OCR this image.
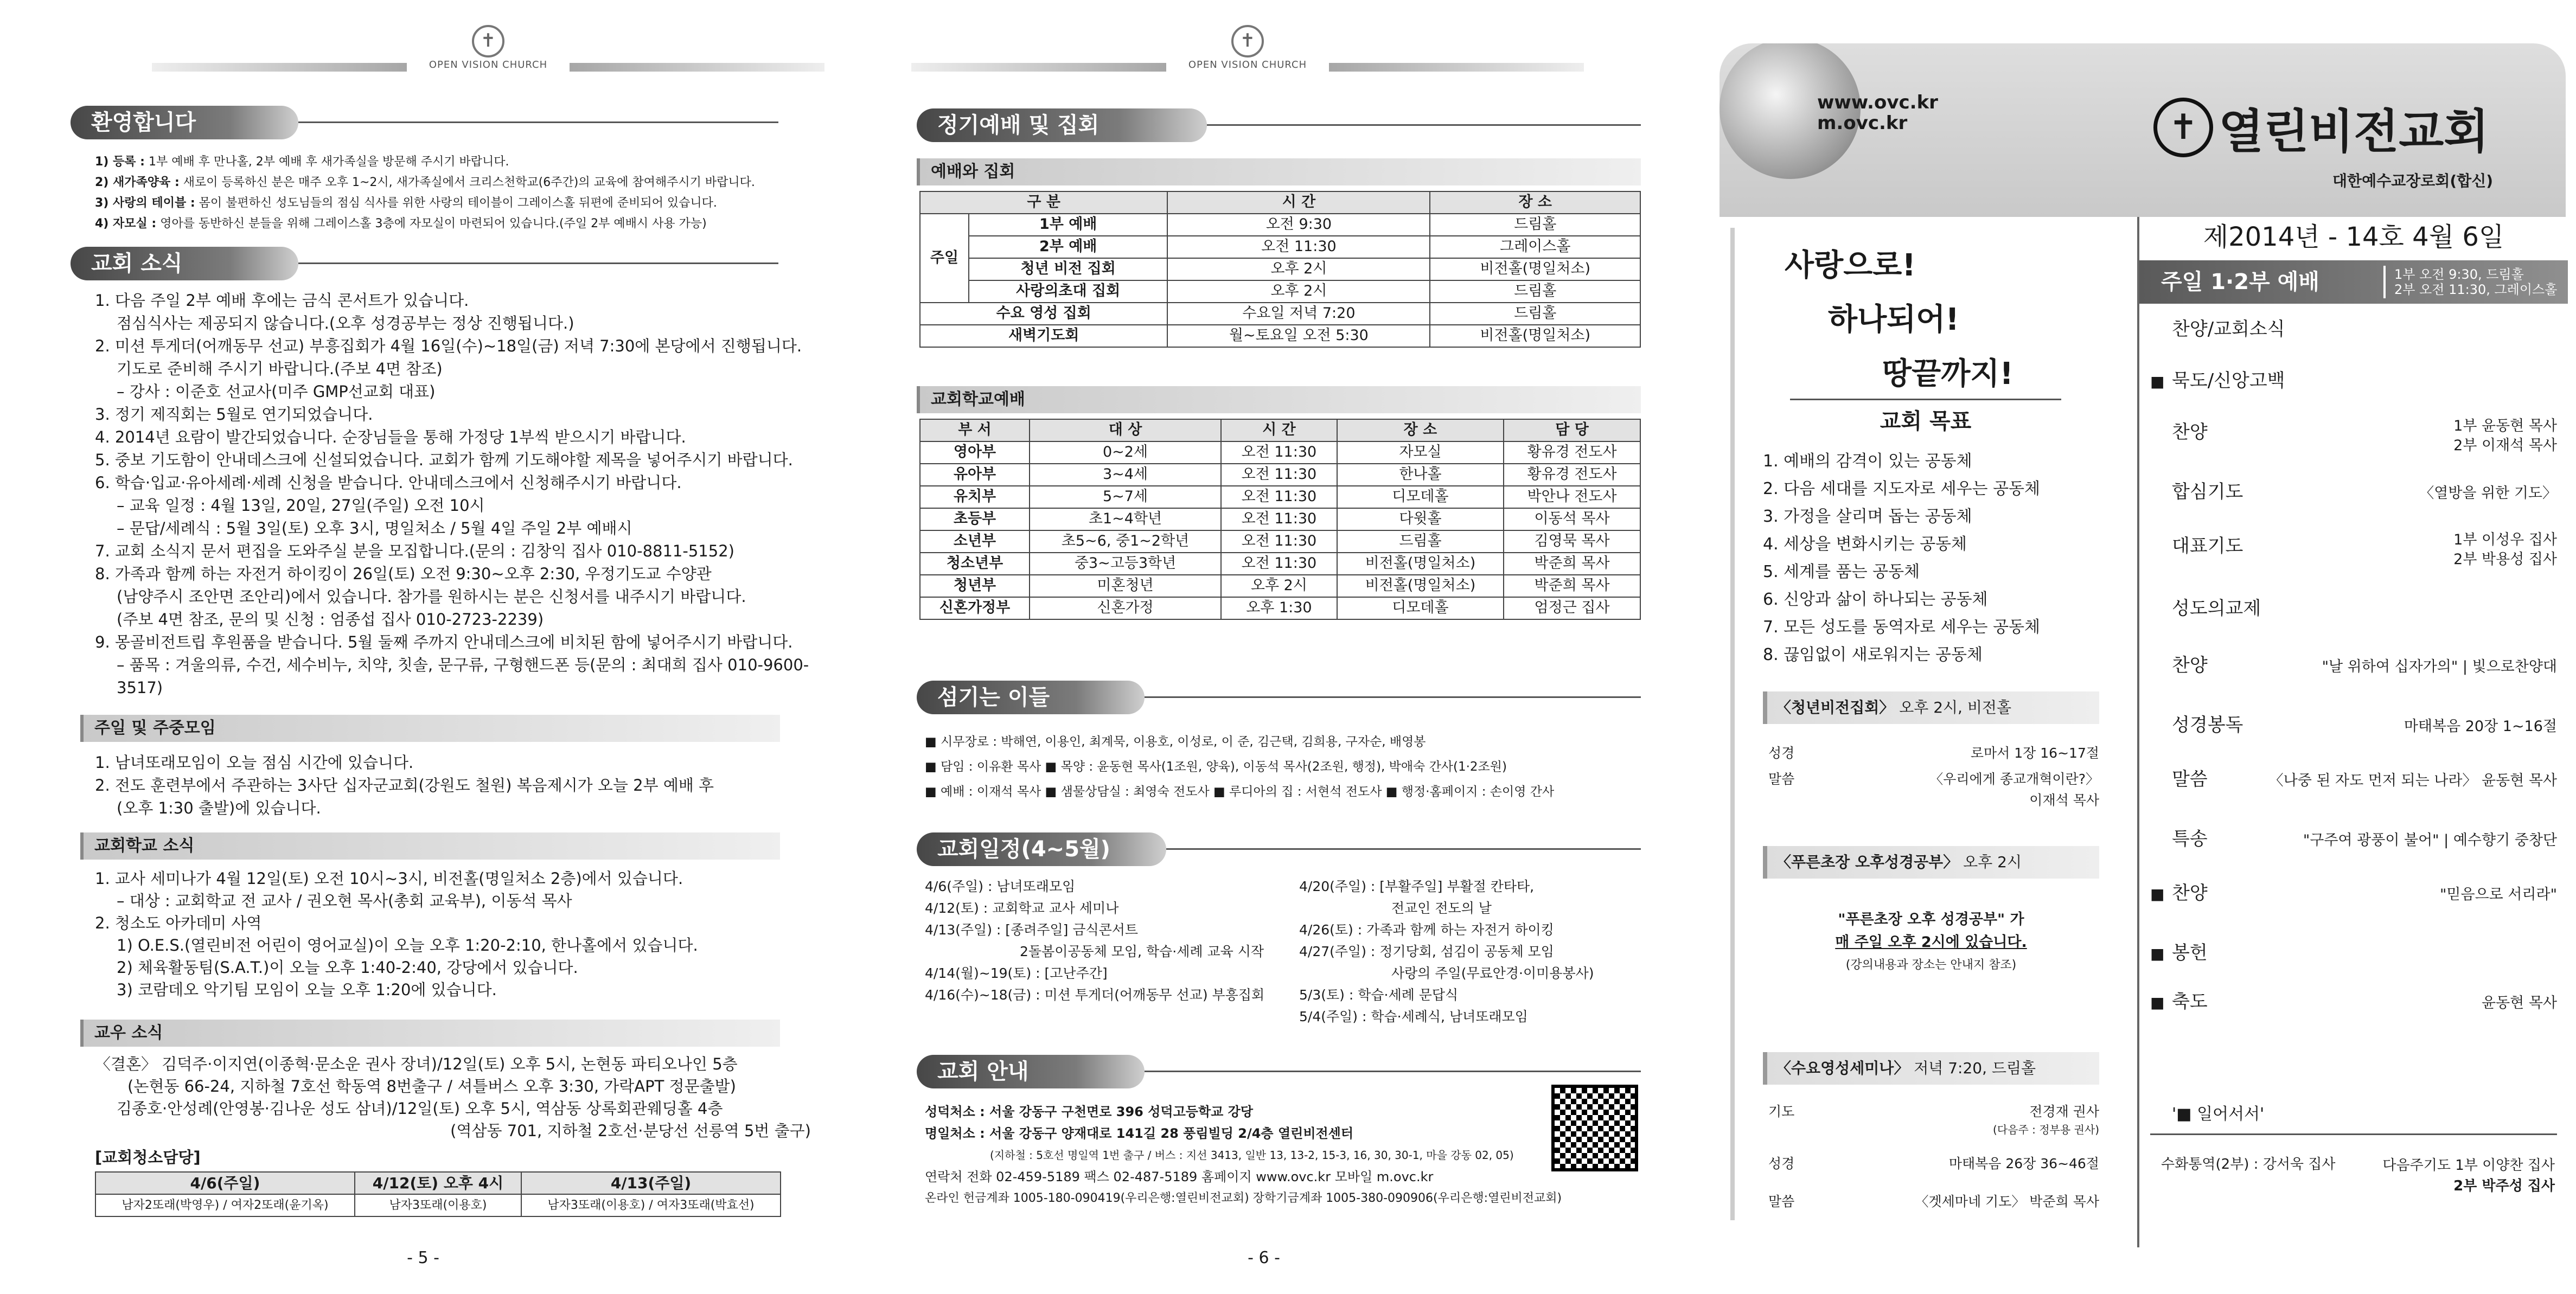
✝
OPEN VISION CHURCH
환영합니다

1) 등록 : 1부 예배 후 만나홀, 2부 예배 후 새가족실을 방문해 주시기 바랍니다.

2) 새가족양육 : 새로이 등록하신 분은 매주 오후 1~2시, 새가족실에서 크리스천학교(6주간)의 교육에 참여해주시기 바랍니다.

3) 사랑의 테이블 : 몸이 불편하신 성도님들의 점심 식사를 위한 사랑의 테이블이 그레이스홀 뒤편에 준비되어 있습니다.

4) 자모실 : 영아를 동반하신 분들을 위해 그레이스홀 3층에 자모실이 마련되어 있습니다.(주일 2부 예배시 사용 가능)

교회 소식

1. 다음 주일 2부 예배 후에는 금식 콘서트가 있습니다.

점심식사는 제공되지 않습니다.(오후 성경공부는 정상 진행됩니다.)

2. 미션 투게더(어깨동무 선교) 부흥집회가 4월 16일(수)~18일(금) 저녁 7:30에 본당에서 진행됩니다.

기도로 준비해 주시기 바랍니다.(주보 4면 참조)

– 강사 : 이준호 선교사(미주 GMP선교회 대표)

3. 정기 제직회는 5월로 연기되었습니다.

4. 2014년 요람이 발간되었습니다. 순장님들을 통해 가정당 1부씩 받으시기 바랍니다.

5. 중보 기도함이 안내데스크에 신설되었습니다. 교회가 함께 기도해야할 제목을 넣어주시기 바랍니다.

6. 학습·입교·유아세례·세례 신청을 받습니다. 안내데스크에서 신청해주시기 바랍니다.

– 교육 일정 : 4월 13일, 20일, 27일(주일) 오전 10시

– 문답/세례식 : 5월 3일(토) 오후 3시, 명일처소 / 5월 4일 주일 2부 예배시

7. 교회 소식지 문서 편집을 도와주실 분을 모집합니다.(문의 : 김창익 집사 010-8811-5152)

8. 가족과 함께 하는 자전거 하이킹이 26일(토) 오전 9:30~오후 2:30, 우정기도교 수양관

(남양주시 조안면 조안리)에서 있습니다. 참가를 원하시는 분은 신청서를 내주시기 바랍니다.

(주보 4면 참조, 문의 및 신청 : 엄종섭 집사 010-2723-2239)

9. 몽골비전트립 후원품을 받습니다. 5월 둘째 주까지 안내데스크에 비치된 함에 넣어주시기 바랍니다.

– 품목 : 겨울의류, 수건, 세수비누, 치약, 칫솔, 문구류, 구형핸드폰 등(문의 : 최대희 집사 010-9600-3517)

주일 및 주중모임

1. 남녀또래모임이 오늘 점심 시간에 있습니다.

2. 전도 훈련부에서 주관하는 3사단 십자군교회(강원도 철원) 복음제시가 오늘 2부 예배 후

(오후 1:30 출발)에 있습니다.

교회학교 소식

1. 교사 세미나가 4월 12일(토) 오전 10시~3시, 비전홀(명일처소 2층)에서 있습니다.

– 대상 : 교회학교 전 교사 / 권오현 목사(총회 교육부), 이동석 목사

2. 청소도 아카데미 사역

1) O.E.S.(열린비전 어린이 영어교실)이 오늘 오후 1:20-2:10, 한나홀에서 있습니다.

2) 체육활동팀(S.A.T.)이 오늘 오후 1:40-2:40, 강당에서 있습니다.

3) 코람데오 악기팀 모임이 오늘 오후 1:20에 있습니다.

교우 소식

〈결혼〉 김덕주·이지연(이종혁·문소운 권사 장녀)/12일(토) 오후 5시, 논현동 파티오나인 5층

(논현동 66-24, 지하철 7호선 학동역 8번출구 / 셔틀버스 오후 3:30, 가락APT 정문출발)

김종호·안성례(안영봉·김나운 성도 삼녀)/12일(토) 오후 5시, 역삼동 상록회관웨딩홀 4층

(역삼동 701, 지하철 2호선·분당선 선릉역 5번 출구)

[교회청소담당]
4/6(주일)	4/12(토) 오후 4시	4/13(주일)
남자2또래(박영우) / 여자2또래(윤기옥)	남자3또래(이용호)	남자3또래(이용호) / 여자3또래(박효선)
- 5 -
✝
OPEN VISION CHURCH
정기예배 및 집회
예배와 집회
구 분		시 간	장 소
주일	1부 예배	오전 9:30	드림홀
	2부 예배	오전 11:30	그레이스홀
	청년 비전 집회	오후 2시	비전홀(명일처소)
	사랑의초대 집회	오후 2시	드림홀
수요 영성 집회		수요일 저녁 7:20	드림홀
새벽기도회		월~토요일 오전 5:30	비전홀(명일처소)
교회학교예배
부 서	대 상	시 간	장 소	담 당
영아부	0~2세	오전 11:30	자모실	황유경 전도사
유아부	3~4세	오전 11:30	한나홀	황유경 전도사
유치부	5~7세	오전 11:30	디모데홀	박안나 전도사
초등부	초1~4학년	오전 11:30	다윗홀	이동석 목사
소년부	초5~6, 중1~2학년	오전 11:30	드림홀	김영묵 목사
청소년부	중3~고등3학년	오전 11:30	비전홀(명일처소)	박준희 목사
청년부	미혼청년	오후 2시	비전홀(명일처소)	박준희 목사
신혼가정부	신혼가정	오후 1:30	디모데홀	엄정근 집사
섬기는 이들

■ 시무장로 : 박해연, 이용인, 최계묵, 이용호, 이성로, 이 준, 김근택, 김희용, 구자순, 배영봉

■ 담임 : 이유환 목사 ■ 목양 : 윤동현 목사(1조원, 양육), 이동석 목사(2조원, 행정), 박애숙 간사(1·2조원)

■ 예배 : 이재석 목사 ■ 샘물상담실 : 최영숙 전도사 ■ 루디아의 집 : 서현석 전도사 ■ 행정·홈페이지 : 손이영 간사

교회일정(4~5월)

4/6(주일) : 남녀또래모임

4/12(토) : 교회학교 교사 세미나

4/13(주일) : [종려주일] 금식콘서트

2돌봄이공동체 모임, 학습·세례 교육 시작

4/14(월)~19(토) : [고난주간]

4/16(수)~18(금) : 미션 투게더(어깨동무 선교) 부흥집회

4/20(주일) : [부활주일] 부활절 칸타타,

전교인 전도의 날

4/26(토) : 가족과 함께 하는 자전거 하이킹

4/27(주일) : 정기당회, 섬김이 공동체 모임

사랑의 주일(무료안경·이미용봉사)

5/3(토) : 학습·세례 문답식

5/4(주일) : 학습·세례식, 남녀또래모임

교회 안내

성덕처소 : 서울 강동구 구천면로 396 성덕고등학교 강당

명일처소 : 서울 강동구 양재대로 141길 28 풍림빌딩 2/4층 열린비전센터

(지하철 : 5호선 명일역 1번 출구 / 버스 : 지선 3413, 일반 13, 13-2, 15-3, 16, 30, 30-1, 마을 강동 02, 05)

연락처 전화 02-459-5189 팩스 02-487-5189 홈페이지 www.ovc.kr 모바일 m.ovc.kr

온라인 헌금계좌 1005-180-090419(우리은행:열린비전교회) 장학기금계좌 1005-380-090906(우리은행:열린비전교회)

- 6 -
www.ovc.kr
m.ovc.kr	✝ 열린비전교회
대한예수교장로회(합신)

사랑으로!

하나되어!

땅끝까지!

교회 목표

1. 예배의 감격이 있는 공동체

2. 다음 세대를 지도자로 세우는 공동체

3. 가정을 살리며 돕는 공동체

4. 세상을 변화시키는 공동체

5. 세계를 품는 공동체

6. 신앙과 삶이 하나되는 공동체

7. 모든 성도를 동역자로 세우는 공동체

8. 끊임없이 새로워지는 공동체

〈청년비전집회〉 오후 2시, 비전홀

성경	로마서 1장 16~17절

말씀	〈우리에게 종교개혁이란?〉

이재석 목사

〈푸른초장 오후성경공부〉 오후 2시

"푸른초장 오후 성경공부" 가

매 주일 오후 2시에 있습니다.

(강의내용과 장소는 안내지 참조)

〈수요영성세미나〉 저녁 7:20, 드림홀

기도	전경재 권사

(다음주 : 정부용 권사)

성경	마태복음 26장 36~46절

말씀	〈겟세마네 기도〉 박준희 목사

제2014년 - 14호 4월 6일
주일 1·2부 예배	1부 오전 9:30, 드림홀

2부 오전 11:30, 그레이스홀

찬양/교회소식

■ 묵도/신앙고백

찬양	1부 윤동현 목사

2부 이재석 목사

합심기도	〈열방을 위한 기도〉

대표기도	1부 이성우 집사

2부 박용성 집사

성도의교제

찬양	"날 위하여 십자가의" | 빛으로찬양대

성경봉독	마태복음 20장 1~16절

말씀	〈나중 된 자도 먼저 되는 나라〉 윤동현 목사

특송	"구주여 광풍이 불어" | 예수향기 중창단

■ 찬양	"믿음으로 서리라"

■ 봉헌

■ 축도	윤동현 목사

'■ 일어서서'
수화통역(2부) : 강서욱 집사	다음주기도 1부 이양찬 집사

2부 박주성 집사
